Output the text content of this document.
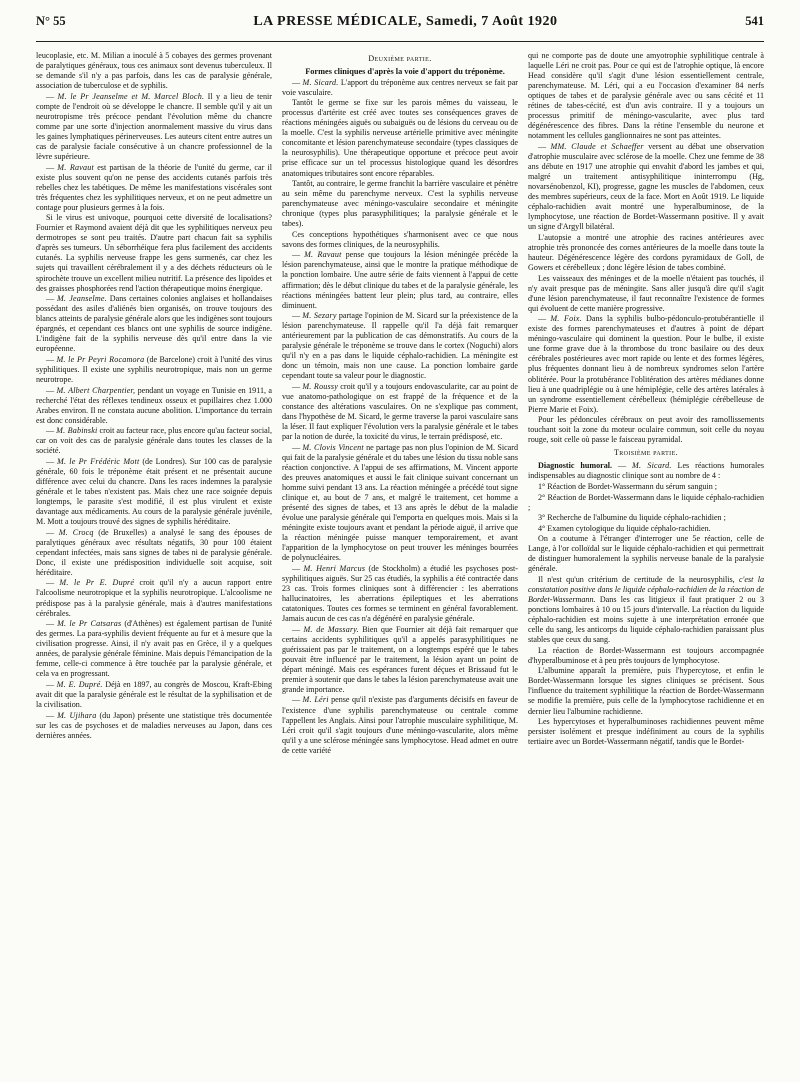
N° 55	LA PRESSE MÉDICALE, Samedi, 7 Août 1920	541

leucoplasie, etc. M. Milian a inoculé à 5 cobayes des germes provenant de paralytiques généraux, tous ces animaux sont devenus tuberculeux. Il se demande s'il n'y a pas parfois, dans les cas de paralysie générale, association de tuberculose et de syphilis.

— M. le Pr Jeanselme et M. Marcel Bloch. Il y a lieu de tenir compte de l'endroit où se développe le chancre. Il semble qu'il y ait un neurotropisme très précoce pendant l'évolution même du chancre comme par une sorte d'injection anormalement massive du virus dans les gaines lymphatiques périnerveuses. Les auteurs citent entre autres un cas de paralysie faciale consécutive à un chancre professionnel de la lèvre supérieure.

— M. Ravaut est partisan de la théorie de l'unité du germe, car il existe plus souvent qu'on ne pense des accidents cutanés parfois très rebelles chez les tabétiques. De même les manifestations viscérales sont très fréquentes chez les syphilitiques nerveux, et on ne peut admettre un contage pour plusieurs germes à la fois.

Si le virus est univoque, pourquoi cette diversité de localisations? Fournier et Raymond avaient déjà dit que les syphilitiques nerveux peu dermotropes se sont peu traités. D'autre part chacun fait sa syphilis d'après ses tumeurs. Un séborrhéique fera plus facilement des accidents cutanés. La syphilis nerveuse frappe les gens surmenés, car chez les sujets qui travaillent cérébralement il y a des déchets réducteurs où le spirochète trouve un excellent milieu nutritif. La présence des lipoïdes et des graisses phosphorées rend l'action thérapeutique moins énergique.

— M. Jeanselme. Dans certaines colonies anglaises et hollandaises possédant des asiles d'aliénés bien organisés, on trouve toujours des blancs atteints de paralysie générale alors que les indigènes sont toujours épargnés, et cependant ces blancs ont une syphilis de source indigène. L'indigène fait de la syphilis nerveuse dès qu'il entre dans la vie européenne.

— M. le Pr Peyri Rocamora (de Barcelone) croit à l'unité des virus syphilitiques. Il existe une syphilis neurotropique, mais non un germe neurotrope.

— M. Albert Charpentier, pendant un voyage en Tunisie en 1911, a recherché l'état des réflexes tendineux osseux et pupillaires chez 1.000 Arabes environ. Il ne constata aucune abolition. L'importance du terrain est donc considérable.

— M. Babinski croit au facteur race, plus encore qu'au facteur social, car on voit des cas de paralysie générale dans toutes les classes de la société.

— M. le Pr Frédéric Mott (de Londres). Sur 100 cas de paralysie générale, 60 fois le tréponème était présent et ne présentait aucune différence avec celui du chancre. Dans les races indemnes la paralysie générale et le tabes n'existent pas. Mais chez une race soignée depuis longtemps, le parasite s'est modifié, il est plus virulent et existe davantage aux médicaments. Au cours de la paralysie générale juvénile, M. Mott a toujours trouvé des signes de syphilis héréditaire.

— M. Crocq (de Bruxelles) a analysé le sang des épouses de paralytiques généraux avec résultats négatifs, 30 pour 100 étaient cependant infectées, mais sans signes de tabes ni de paralysie générale. Donc, il existe une prédisposition individuelle soit acquise, soit héréditaire.

— M. le Pr E. Dupré croit qu'il n'y a aucun rapport entre l'alcoolisme neurotropique et la syphilis neurotropique. L'alcoolisme ne prédispose pas à la paralysie générale, mais à d'autres manifestations cérébrales.

— M. le Pr Catsaras (d'Athènes) est également partisan de l'unité des germes. La para-syphilis devient fréquente au fur et à mesure que la civilisation progresse. Ainsi, il n'y avait pas en Grèce, il y a quelques années, de paralysie générale féminine. Mais depuis l'émancipation de la femme, celle-ci commence à être touchée par la paralysie générale, et cela va en progressant.

— M. E. Dupré. Déjà en 1897, au congrès de Moscou, Kraft-Ebing avait dit que la paralysie générale est le résultat de la syphilisation et de la civilisation.

— M. Ujihara (du Japon) présente une statistique très documentée sur les cas de psychoses et de maladies nerveuses au Japon, dans ces dernières années.

Deuxième partie.

Formes cliniques d'après la voie d'apport du tréponème.

— M. Sicard. L'apport du tréponème aux centres nerveux se fait par voie vasculaire.

Tantôt le germe se fixe sur les parois mêmes du vaisseau, le processus d'artérite est créé avec toutes ses conséquences graves de réactions méningées aiguës ou subaiguës ou de lésions du cerveau ou de la moelle. C'est la syphilis nerveuse artérielle primitive avec méningite concomitante et lésion parenchymateuse secondaire (types classiques de la neurosyphilis). Une thérapeutique opportune et précoce peut avoir prise efficace sur un tel processus histologique quand les désordres anatomiques tributaires sont encore réparables.

Tantôt, au contraire, le germe franchit la barrière vasculaire et pénètre au sein même du parenchyme nerveux. C'est la syphilis nerveuse parenchymateuse avec méningo-vasculaire secondaire et méningite chronique (types plus parasyphilitiques; la paralysie générale et le tabes).

Ces conceptions hypothétiques s'harmonisent avec ce que nous savons des formes cliniques, de la neurosyphilis.

— M. Ravaut pense que toujours la lésion méningée précède la lésion parenchymateuse, ainsi que le montre la pratique méthodique de la ponction lombaire. Une autre série de faits viennent à l'appui de cette affirmation; dès le début clinique du tabes et de la paralysie générale, les réactions méningées battent leur plein; plus tard, au contraire, elles diminuent.

— M. Sezary partage l'opinion de M. Sicard sur la préexistence de la lésion parenchymateuse. Il rappelle qu'il l'a déjà fait remarquer antérieurement par la publication de cas démonstratifs. Au cours de la paralysie générale le tréponème se trouve dans le cortex (Noguchi) alors qu'il n'y en a pas dans le liquide céphalo-rachidien. La méningite est donc un témoin, mais non une cause. La ponction lombaire garde cependant toute sa valeur pour le diagnostic.

— M. Roussy croit qu'il y a toujours endovascularite, car au point de vue anatomo-pathologique on est frappé de la fréquence et de la constance des altérations vasculaires. On ne s'explique pas comment, dans l'hypothèse de M. Sicard, le germe traverse la paroi vasculaire sans la léser. Il faut expliquer l'évolution vers la paralysie générale et le tabes par la notion de durée, la toxicité du virus, le terrain prédisposé, etc.

— M. Clovis Vincent ne partage pas non plus l'opinion de M. Sicard qui fait de la paralysie générale et du tabes une lésion du tissu noble sans réaction conjonctive. A l'appui de ses affirmations, M. Vincent apporte des preuves anatomiques et aussi le fait clinique suivant concernant un homme suivi pendant 13 ans. La réaction méningée a précédé tout signe clinique et, au bout de 7 ans, et malgré le traitement, cet homme a présenté des signes de tabes, et 13 ans après le début de la maladie évolue une paralysie générale qui l'emporta en quelques mois. Mais si la méningite existe toujours avant et pendant la période aiguë, il arrive que la réaction méningée puisse manquer temporairement, et avant l'apparition de la lymphocytose on peut trouver les méninges bourrées de polynucléaires.

— M. Henri Marcus (de Stockholm) a étudié les psychoses post-syphilitiques aiguës. Sur 25 cas étudiés, la syphilis a été contractée dans 23 cas. Trois formes cliniques sont à différencier : les aberrations hallucinatoires, les aberrations épileptiques et les aberrations catatoniques. Toutes ces formes se terminent en général favorablement. Jamais aucun de ces cas n'a dégénéré en paralysie générale.

— M. de Massary. Bien que Fournier ait déjà fait remarquer que certains accidents syphilitiques qu'il a appelés parasyphilitiques ne guérissaient pas par le traitement, on a longtemps espéré que le tabes pouvait être influencé par le traitement, la lésion ayant un point de départ méningé. Mais ces espérances furent déçues et Brissaud fut le premier à soutenir que dans le tabes la lésion parenchymateuse avait une grande importance.

— M. Léri pense qu'il n'existe pas d'arguments décisifs en faveur de l'existence d'une syphilis parenchymateuse ou centrale comme l'appellent les Anglais. Ainsi pour l'atrophie musculaire syphilitique, M. Léri croit qu'il s'agit toujours d'une méningo-vascularite, alors même qu'il y a une sclérose méningée sans lymphocytose. Head admet en outre de cette variété

qui ne comporte pas de doute une amyotrophie syphilitique centrale à laquelle Léri ne croit pas. Pour ce qui est de l'atrophie optique, là encore Head considère qu'il s'agit d'une lésion essentiellement centrale, parenchymateuse. M. Léri, qui a eu l'occasion d'examiner 84 nerfs optiques de tabes et de paralysie générale avec ou sans cécité et 11 rétines de tabes-cécité, est d'un avis contraire. Il y a toujours un processus primitif de méningo-vascularite, avec plus tard dégénérescence des fibres. Dans la rétine l'ensemble du neurone et notamment les cellules ganglionnaires ne sont pas atteintes.

— MM. Claude et Schaeffer versent au débat une observation d'atrophie musculaire avec sclérose de la moelle. Chez une femme de 38 ans débute en 1917 une atrophie qui envahit d'abord les jambes et qui, malgré un traitement antisyphilitique ininterrompu (Hg, novarsénobenzol, KI), progresse, gagne les muscles de l'abdomen, ceux des membres supérieurs, ceux de la face. Mort en Août 1919. Le liquide céphalo-rachidien avait montré une hyperalbuminose, de la lymphocytose, une réaction de Bordet-Wassermann positive. Il y avait un signe d'Argyll bilatéral.

L'autopsie a montré une atrophie des racines antérieures avec atrophie très prononcée des cornes antérieures de la moelle dans toute la hauteur. Dégénérescence légère des cordons pyramidaux de Goll, de Gowers et cérébelleux ; donc légère lésion de tabes combiné.

Les vaisseaux des méninges et de la moelle n'étaient pas touchés, il n'y avait presque pas de méningite. Sans aller jusqu'à dire qu'il s'agit d'une lésion parenchymateuse, il faut reconnaître l'existence de formes qui évoluent de cette manière progressive.

— M. Foix. Dans la syphilis bulbo-pédonculo-protubérantielle il existe des formes parenchymateuses et d'autres à point de départ méningo-vasculaire qui dominent la question. Pour le bulbe, il existe une forme grave due à la thrombose du tronc basilaire ou des deux cérébrales postérieures avec mort rapide ou lente et des formes légères, plus fréquentes donnant lieu à de nombreux syndromes selon l'artère oblitérée. Pour la protubérance l'oblitération des artères médianes donne lieu à une quadriplégie ou à une hémiplégie, celle des artères latérales à un syndrome essentiellement cérébelleux (hémiplégie cérébelleuse de Pierre Marie et Foix).

Pour les pédoncules cérébraux on peut avoir des ramollissements touchant soit la zone du moteur oculaire commun, soit celle du noyau rouge, soit celle où passe le faisceau pyramidal.

Troisième partie.

Diagnostic humoral. — M. Sicard. Les réactions humorales indispensables au diagnostic clinique sont au nombre de 4 :

1° Réaction de Bordet-Wassermann du sérum sanguin ;

2° Réaction de Bordet-Wassermann dans le liquide céphalo-rachidien ;

3° Recherche de l'albumine du liquide céphalo-rachidien ;

4° Examen cytologique du liquide céphalo-rachidien.

On a coutume à l'étranger d'interroger une 5e réaction, celle de Lange, à l'or colloïdal sur le liquide céphalo-rachidien et qui permettrait de distinguer humoralement la syphilis nerveuse banale de la paralysie générale.

Il n'est qu'un critérium de certitude de la neurosyphilis, c'est la constatation positive dans le liquide céphalo-rachidien de la réaction de Bordet-Wassermann. Dans les cas litigieux il faut pratiquer 2 ou 3 ponctions lombaires à 10 ou 15 jours d'intervalle. La réaction du liquide céphalo-rachidien est moins sujette à une interprétation erronée que celle du sang, les anticorps du liquide céphalo-rachidien paraissant plus stables que ceux du sang.

La réaction de Bordet-Wassermann est toujours accompagnée d'hyperalbuminose et à peu près toujours de lymphocytose.

L'albumine apparaît la première, puis l'hypercytose, et enfin le Bordet-Wassermann lorsque les signes cliniques se précisent. Sous l'influence du traitement syphilitique la réaction de Bordet-Wassermann se modifie la première, puis celle de la lymphocytose rachidienne et en dernier lieu l'albumine rachidienne.

Les hypercytoses et hyperalbuminoses rachidiennes peuvent même persister isolément et presque indéfiniment au cours de la syphilis tertiaire avec un Bordet-Wassermann négatif, tandis que le Bordet-
